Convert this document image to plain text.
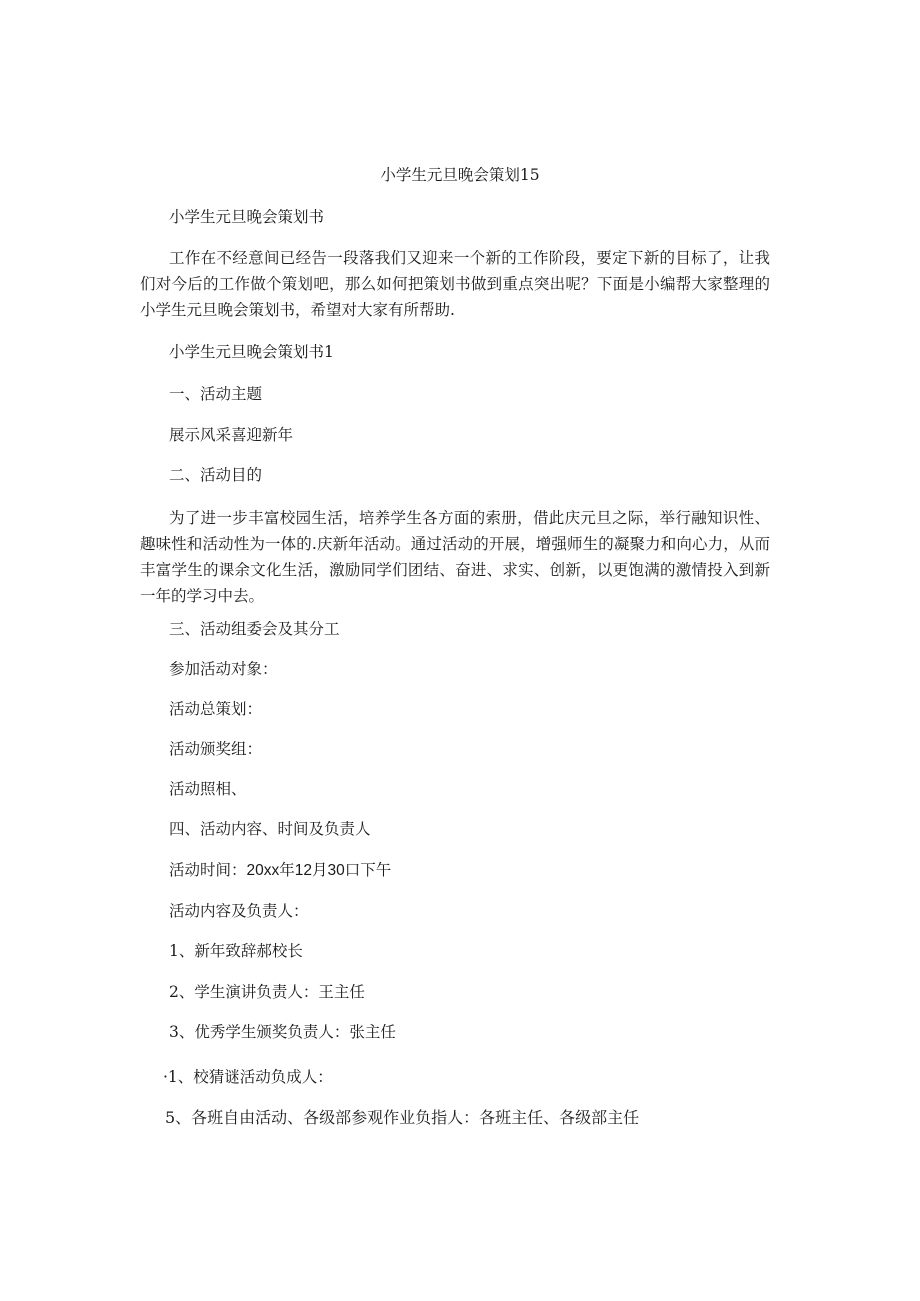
小学生元旦晚会策划15
小学生元旦晚会策划书
工作在不经意间已经告一段落我们又迎来一个新的工作阶段，要定下新的目标了，让我们对今后的工作做个策划吧，那么如何把策划书做到重点突出呢？下面是小编帮大家整理的小学生元旦晚会策划书，希望对大家有所帮助.
小学生元旦晚会策划书1
一、活动主题
展示风采喜迎新年
二、活动目的
为了进一步丰富校园生活，培养学生各方面的索册，借此庆元旦之际，举行融知识性、趣味性和活动性为一体的.庆新年活动。通过活动的开展，增强师生的凝聚力和向心力，从而丰富学生的课余文化生活，激励同学们团结、奋进、求实、创新，以更饱满的激情投入到新一年的学习中去。
三、活动组委会及其分工
参加活动对象：
活动总策划：
活动颁奖组：
活动照相、
四、活动内容、时间及负责人
活动时间：20xx年12月30口下午
活动内容及负责人：
1、新年致辞郝校长
2、学生演讲负责人：王主任
3、优秀学生颁奖负责人：张主任
·1、校猜谜活动负成人：
5、各班自由活动、各级部参观作业负指人：各班主任、各级部主任
